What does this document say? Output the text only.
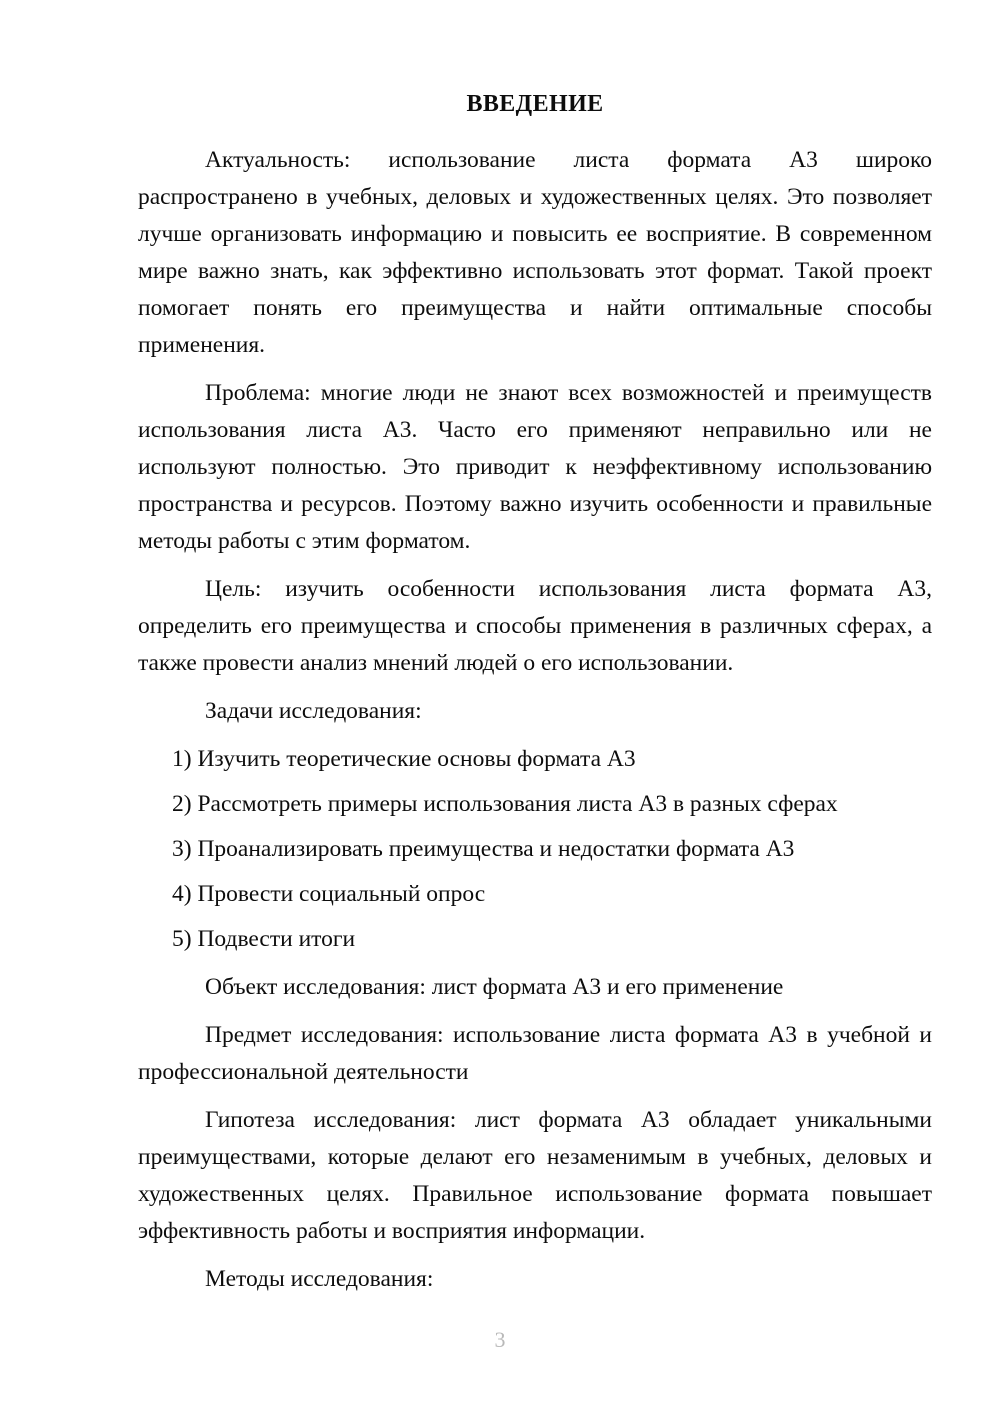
ВВЕДЕНИЕ

Актуальность: использование листа формата А3 широко распространено в учебных, деловых и художественных целях. Это позволяет лучше организовать информацию и повысить ее восприятие. В современном мире важно знать, как эффективно использовать этот формат. Такой проект помогает понять его преимущества и найти оптимальные способы применения.

Проблема: многие люди не знают всех возможностей и преимуществ использования листа А3. Часто его применяют неправильно или не используют полностью. Это приводит к неэффективному использованию пространства и ресурсов. Поэтому важно изучить особенности и правильные методы работы с этим форматом.

Цель: изучить особенности использования листа формата А3, определить его преимущества и способы применения в различных сферах, а также провести анализ мнений людей о его использовании.

Задачи исследования:

1) Изучить теоретические основы формата А3
2) Рассмотреть примеры использования листа А3 в разных сферах
3) Проанализировать преимущества и недостатки формата А3
4) Провести социальный опрос
5) Подвести итоги

Объект исследования: лист формата А3 и его применение

Предмет исследования: использование листа формата А3 в учебной и профессиональной деятельности

Гипотеза исследования: лист формата А3 обладает уникальными преимуществами, которые делают его незаменимым в учебных, деловых и художественных целях. Правильное использование формата повышает эффективность работы и восприятия информации.

Методы исследования:

3
